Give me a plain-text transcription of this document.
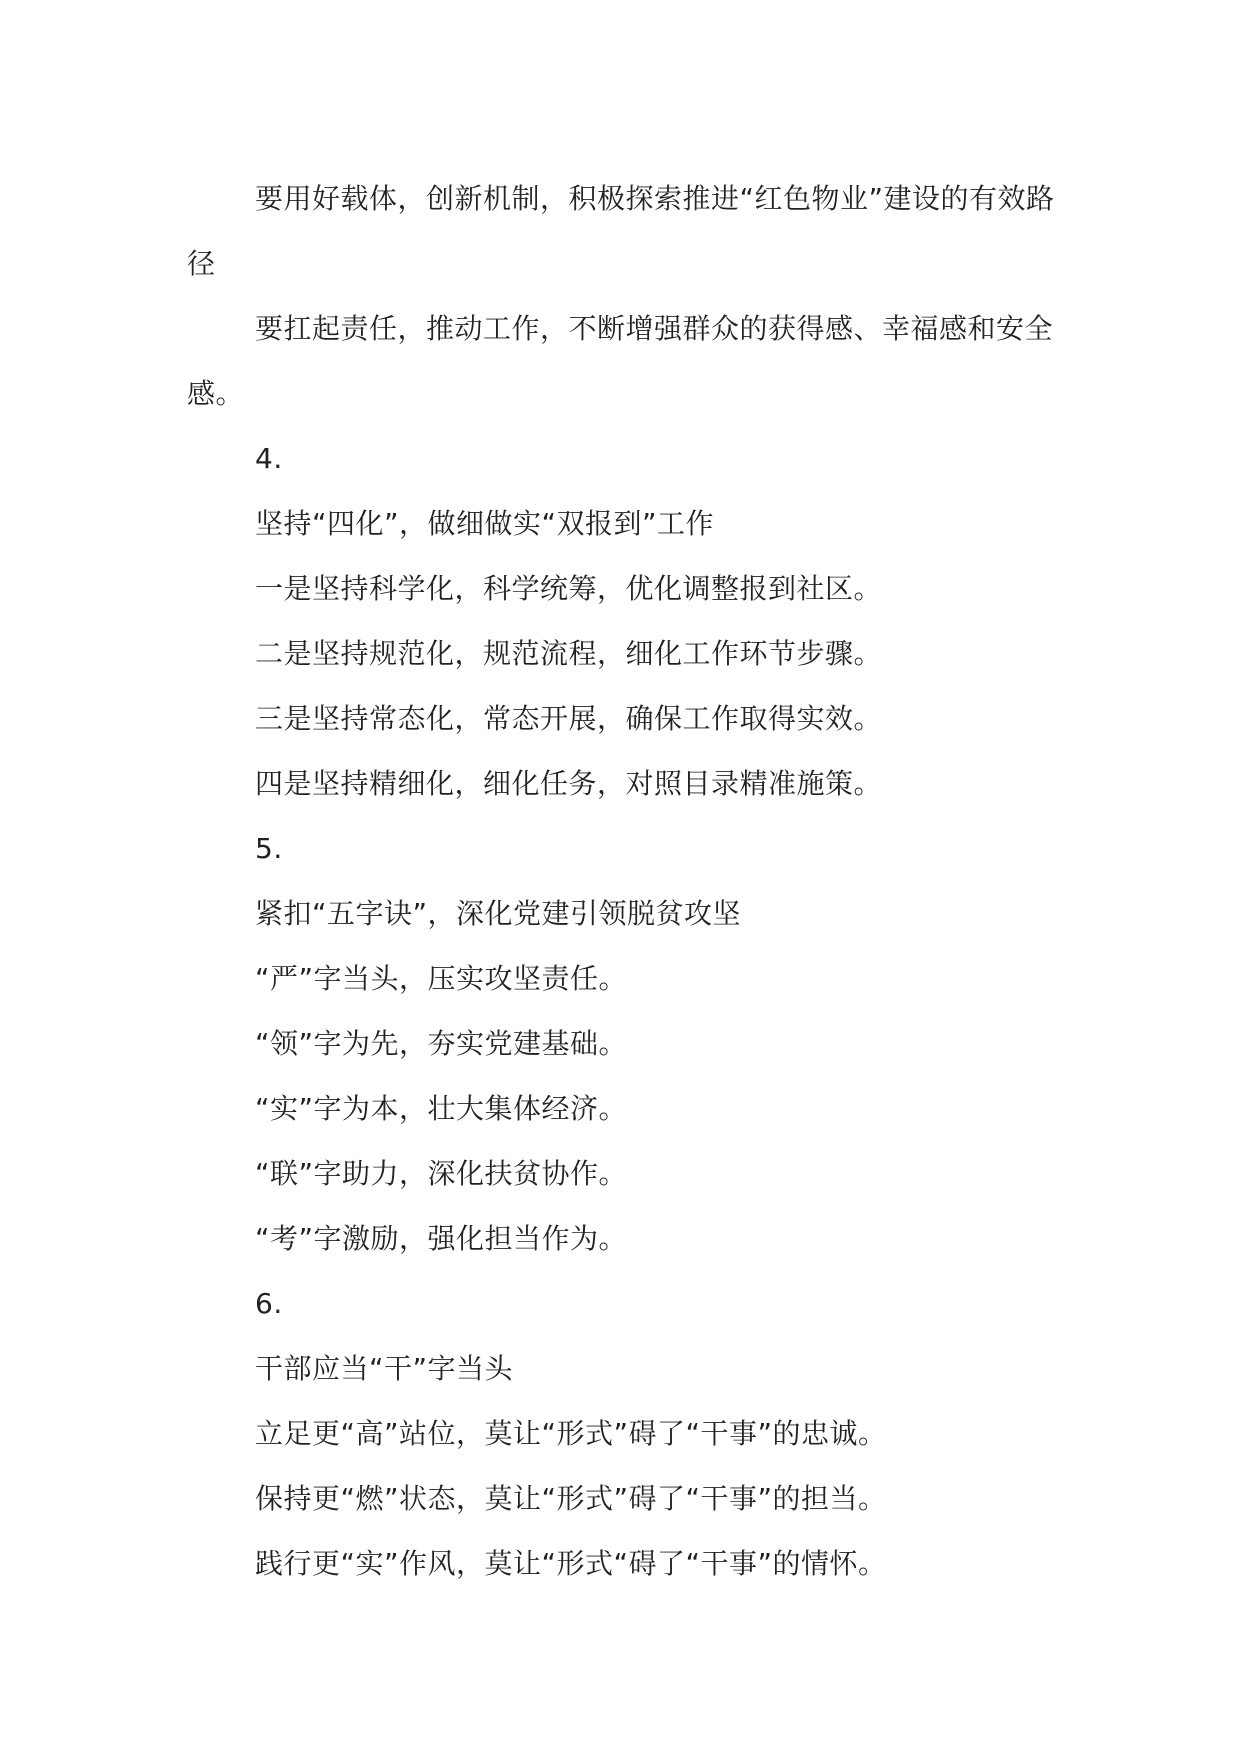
要用好载体，创新机制，积极探索推进“红色物业”建设的有效路径

要扛起责任，推动工作，不断增强群众的获得感、幸福感和安全感。

4.

坚持“四化”，做细做实“双报到”工作

一是坚持科学化，科学统筹，优化调整报到社区。

二是坚持规范化，规范流程，细化工作环节步骤。

三是坚持常态化，常态开展，确保工作取得实效。

四是坚持精细化，细化任务，对照目录精准施策。

5.

紧扣“五字诀”，深化党建引领脱贫攻坚

“严”字当头，压实攻坚责任。

“领”字为先，夯实党建基础。

“实”字为本，壮大集体经济。

“联”字助力，深化扶贫协作。

“考”字激励，强化担当作为。

6.

干部应当“干”字当头

立足更“高”站位，莫让“形式”碍了“干事”的忠诚。

保持更“燃”状态，莫让“形式”碍了“干事”的担当。

践行更“实”作风，莫让“形式“碍了“干事”的情怀。
